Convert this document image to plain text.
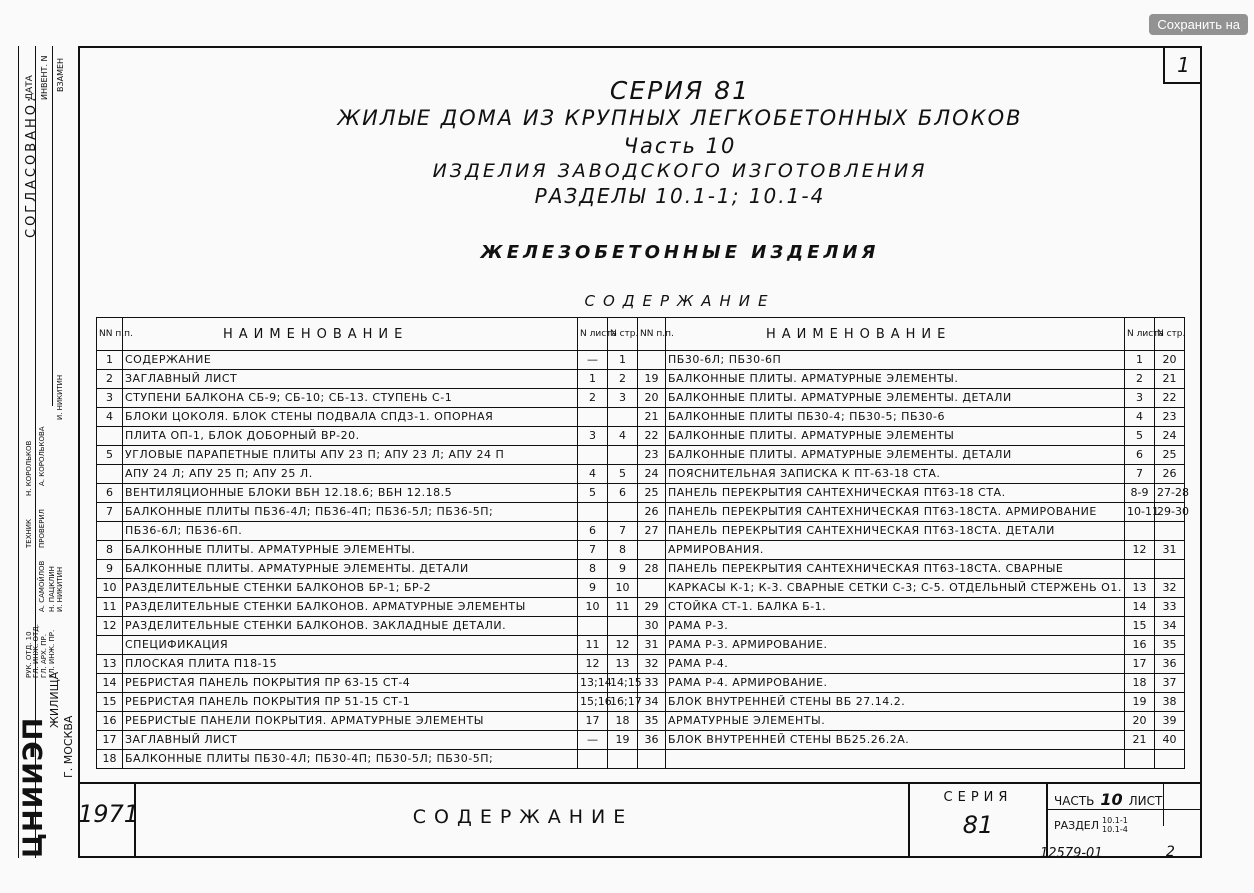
Сохранить на
СОГЛАСОВАНО:
ДАТА ИНВЕНТ. N ВЗАМЕН
А. КОРОЛЬКОВА
И. НИКИТИН
ТЕХНИК ПРОВЕРИЛ
РУК. ОТД. 10 ГЛ. ИНЖ. ОТД. ГЛ. АРХ. ПР. ГЛ. ИНЖ. ПР.
А. САМОЙЛОВ Н. ПАЦКЛИН И. НИКИТИН
Н. КОРОЛЬКОВ
ЦНИИЭП
ЖИЛИЩА
Г. МОСКВА
1
СЕРИЯ 81
ЖИЛЫЕ ДОМА ИЗ КРУПНЫХ ЛЕГКОБЕТОННЫХ БЛОКОВ
Часть 10
ИЗДЕЛИЯ ЗАВОДСКОГО ИЗГОТОВЛЕНИЯ
РАЗДЕЛЫ 10.1-1; 10.1-4
ЖЕЛЕЗОБЕТОННЫЕ ИЗДЕЛИЯ
СОДЕРЖАНИЕ
NN п.п.	НАИМЕНОВАНИЕ	N листа	N стр.
1	СОДЕРЖАНИЕ	—	1
2	ЗАГЛАВНЫЙ ЛИСТ	1	2
3	СТУПЕНИ БАЛКОНА СБ-9; СБ-10; СБ-13. СТУПЕНЬ С-1	2	3
4	БЛОКИ ЦОКОЛЯ. БЛОК СТЕНЫ ПОДВАЛА СПД3-1. ОПОРНАЯ		
	ПЛИТА ОП-1, БЛОК ДОБОРНЫЙ ВР-20.	3	4
5	УГЛОВЫЕ ПАРАПЕТНЫЕ ПЛИТЫ АПУ 23 П; АПУ 23 Л; АПУ 24 П		
	АПУ 24 Л; АПУ 25 П; АПУ 25 Л.	4	5
6	ВЕНТИЛЯЦИОННЫЕ БЛОКИ ВБН 12.18.6; ВБН 12.18.5	5	6
7	БАЛКОННЫЕ ПЛИТЫ ПБ36-4Л; ПБ36-4П; ПБ36-5Л; ПБ36-5П;		
	ПБ36-6Л; ПБ36-6П.	6	7
8	БАЛКОННЫЕ ПЛИТЫ. АРМАТУРНЫЕ ЭЛЕМЕНТЫ.	7	8
9	БАЛКОННЫЕ ПЛИТЫ. АРМАТУРНЫЕ ЭЛЕМЕНТЫ. ДЕТАЛИ	8	9
10	РАЗДЕЛИТЕЛЬНЫЕ СТЕНКИ БАЛКОНОВ БР-1; БР-2	9	10
11	РАЗДЕЛИТЕЛЬНЫЕ СТЕНКИ БАЛКОНОВ. АРМАТУРНЫЕ ЭЛЕМЕНТЫ	10	11
12	РАЗДЕЛИТЕЛЬНЫЕ СТЕНКИ БАЛКОНОВ. ЗАКЛАДНЫЕ ДЕТАЛИ.		
	СПЕЦИФИКАЦИЯ	11	12
13	ПЛОСКАЯ ПЛИТА П18-15	12	13
14	РЕБРИСТАЯ ПАНЕЛЬ ПОКРЫТИЯ ПР 63-15 СТ-4	13;14	14;15
15	РЕБРИСТАЯ ПАНЕЛЬ ПОКРЫТИЯ ПР 51-15 СТ-1	15;16	16;17
16	РЕБРИСТЫЕ ПАНЕЛИ ПОКРЫТИЯ. АРМАТУРНЫЕ ЭЛЕМЕНТЫ	17	18
17	ЗАГЛАВНЫЙ ЛИСТ	—	19
18	БАЛКОННЫЕ ПЛИТЫ ПБ30-4Л; ПБ30-4П; ПБ30-5Л; ПБ30-5П;		
NN п.п.	НАИМЕНОВАНИЕ	N листа	N стр.
	ПБ30-6Л; ПБ30-6П	1	20
19	БАЛКОННЫЕ ПЛИТЫ. АРМАТУРНЫЕ ЭЛЕМЕНТЫ.	2	21
20	БАЛКОННЫЕ ПЛИТЫ. АРМАТУРНЫЕ ЭЛЕМЕНТЫ. ДЕТАЛИ	3	22
21	БАЛКОННЫЕ ПЛИТЫ ПБ30-4; ПБ30-5; ПБ30-6	4	23
22	БАЛКОННЫЕ ПЛИТЫ. АРМАТУРНЫЕ ЭЛЕМЕНТЫ	5	24
23	БАЛКОННЫЕ ПЛИТЫ. АРМАТУРНЫЕ ЭЛЕМЕНТЫ. ДЕТАЛИ	6	25
24	ПОЯСНИТЕЛЬНАЯ ЗАПИСКА К ПТ-63-18 СТА.	7	26
25	ПАНЕЛЬ ПЕРЕКРЫТИЯ САНТЕХНИЧЕСКАЯ ПТ63-18 СТА.	8-9	27-28
26	ПАНЕЛЬ ПЕРЕКРЫТИЯ САНТЕХНИЧЕСКАЯ ПТ63-18СТА. АРМИРОВАНИЕ	10-11	29-30
27	ПАНЕЛЬ ПЕРЕКРЫТИЯ САНТЕХНИЧЕСКАЯ ПТ63-18СТА. ДЕТАЛИ		
	АРМИРОВАНИЯ.	12	31
28	ПАНЕЛЬ ПЕРЕКРЫТИЯ САНТЕХНИЧЕСКАЯ ПТ63-18СТА. СВАРНЫЕ		
	КАРКАСЫ К-1; К-3. СВАРНЫЕ СЕТКИ С-3; С-5. ОТДЕЛЬНЫЙ СТЕРЖЕНЬ О1.	13	32
29	СТОЙКА СТ-1. БАЛКА Б-1.	14	33
30	РАМА Р-3.	15	34
31	РАМА Р-3. АРМИРОВАНИЕ.	16	35
32	РАМА Р-4.	17	36
33	РАМА Р-4. АРМИРОВАНИЕ.	18	37
34	БЛОК ВНУТРЕННЕЙ СТЕНЫ ВБ 27.14.2.	19	38
35	АРМАТУРНЫЕ ЭЛЕМЕНТЫ.	20	39
36	БЛОК ВНУТРЕННЕЙ СТЕНЫ ВБ25.26.2А.	21	40

1971	СОДЕРЖАНИЕ
СЕРИЯ
81
ЧАСТЬ 10 ЛИСТ
РАЗДЕЛ 10.1-1
10.1-4
12579-01	2
